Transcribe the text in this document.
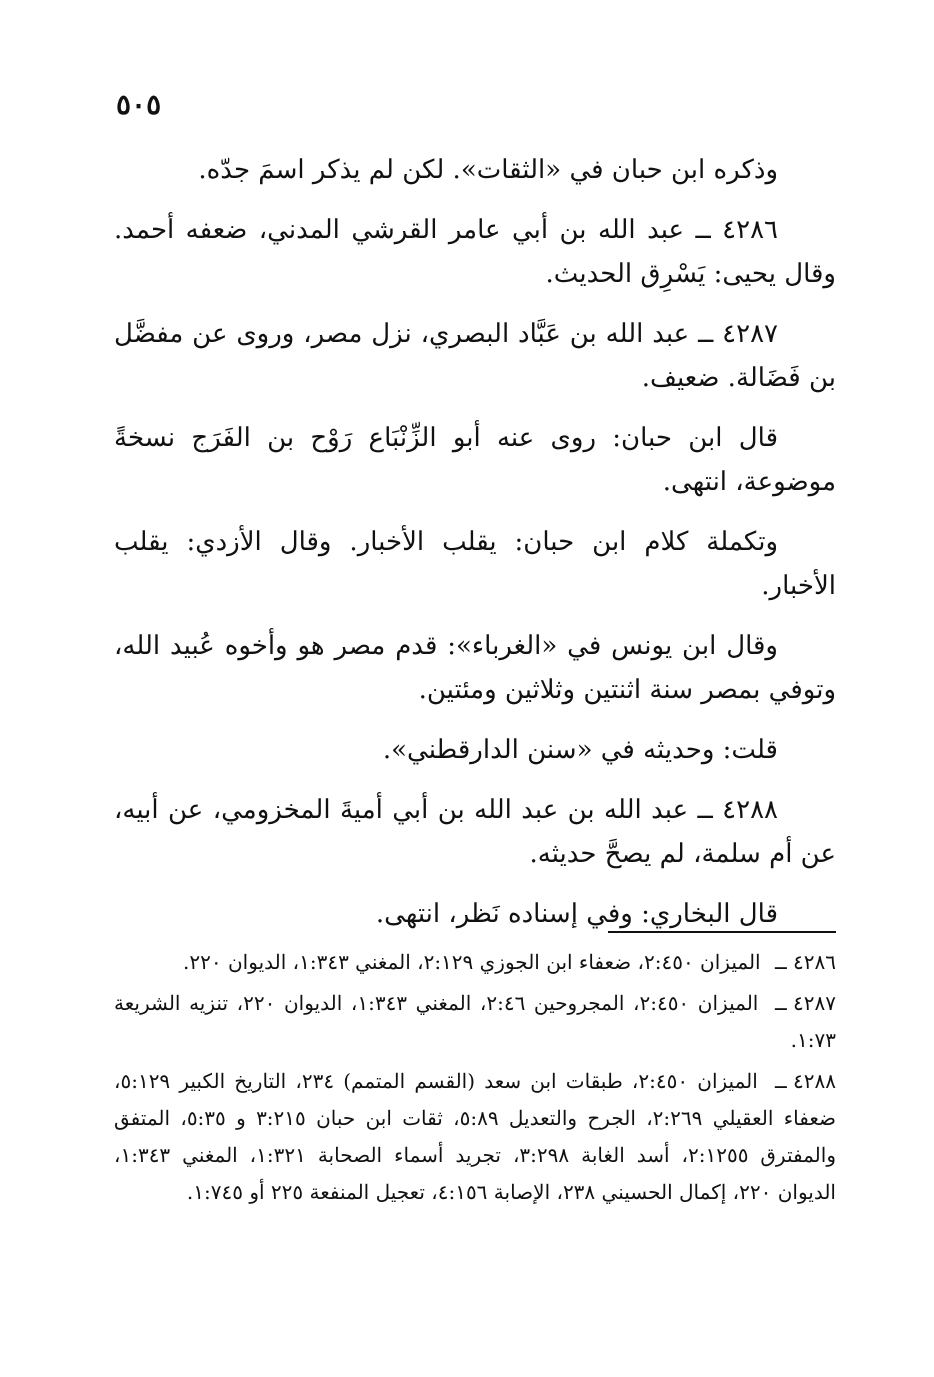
٥٠٥

وذكره ابن حبان في «الثقات». لكن لم يذكر اسمَ جدّه.

٤٢٨٦ ــ عبد الله بن أبي عامر القرشي المدني، ضعفه أحمد. وقال يحيى: يَسْرِق الحديث.

٤٢٨٧ ــ عبد الله بن عَبَّاد البصري، نزل مصر، وروى عن مفضَّل بن فَضَالة. ضعيف.

قال ابن حبان: روى عنه أبو الزِّنْبَاع رَوْح بن الفَرَج نسخةً موضوعة، انتهى.

وتكملة كلام ابن حبان: يقلب الأخبار. وقال الأزدي: يقلب الأخبار.

وقال ابن يونس في «الغرباء»: قدم مصر هو وأخوه عُبيد الله، وتوفي بمصر سنة اثنتين وثلاثين ومئتين.

قلت: وحديثه في «سنن الدارقطني».

٤٢٨٨ ــ عبد الله بن عبد الله بن أبي أميةَ المخزومي، عن أبيه، عن أم سلمة، لم يصحَّ حديثه.

قال البخاري: وفي إسناده نَظر، انتهى.

٤٢٨٦ ــ الميزان ٢:٤٥٠، ضعفاء ابن الجوزي ٢:١٢٩، المغني ١:٣٤٣، الديوان ٢٢٠.

٤٢٨٧ ــ الميزان ٢:٤٥٠، المجروحين ٢:٤٦، المغني ١:٣٤٣، الديوان ٢٢٠، تنزيه الشريعة ١:٧٣.

٤٢٨٨ ــ الميزان ٢:٤٥٠، طبقات ابن سعد (القسم المتمم) ٢٣٤، التاريخ الكبير ٥:١٢٩، ضعفاء العقيلي ٢:٢٦٩، الجرح والتعديل ٥:٨٩، ثقات ابن حبان ٣:٢١٥ و ٥:٣٥، المتفق والمفترق ٢:١٢٥٥، أسد الغابة ٣:٢٩٨، تجريد أسماء الصحابة ١:٣٢١، المغني ١:٣٤٣، الديوان ٢٢٠، إكمال الحسيني ٢٣٨، الإصابة ٤:١٥٦، تعجيل المنفعة ٢٢٥ أو ١:٧٤٥.
